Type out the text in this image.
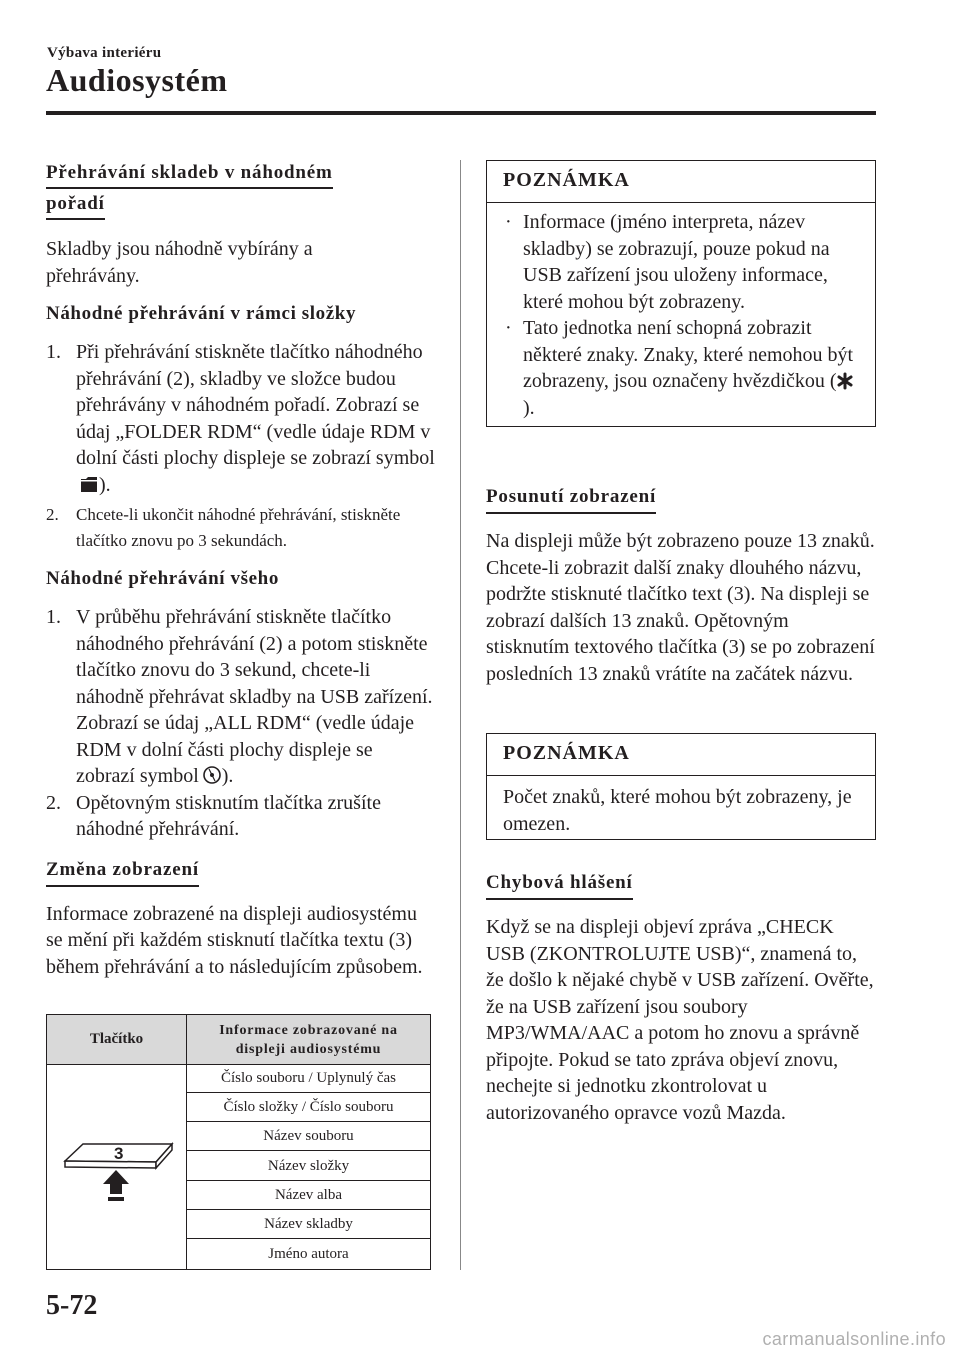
Výbava interiéru
Audiosystém
Přehrávání skladeb v náhodném
pořadí

Skladby jsou náhodně vybírány a přehrávány.

Náhodné přehrávání v rámci složky
1. Při přehrávání stiskněte tlačítko náhodného přehrávání (2), skladby ve složce budou přehrávány v náhodném pořadí. Zobrazí se údaj „FOLDER RDM“ (vedle údaje RDM v dolní části plochy displeje se zobrazí symbol).
2. Chcete-li ukončit náhodné přehrávání, stiskněte tlačítko znovu po 3 sekundách.
Náhodné přehrávání všeho
1. V průběhu přehrávání stiskněte tlačítko náhodného přehrávání (2) a potom stiskněte tlačítko znovu do 3 sekund, chcete-li náhodně přehrávat skladby na USB zařízení. Zobrazí se údaj „ALL RDM“ (vedle údaje RDM v dolní části plochy displeje se zobrazí symbol ).
2. Opětovným stisknutím tlačítka zrušíte náhodné přehrávání.
Změna zobrazení

Informace zobrazené na displeji audiosystému se mění při každém stisknutí tlačítka textu (3) během přehrávání a to následujícím způsobem.

Tlačítko
Informace zobrazované na displeji audiosystému
3
Číslo souboru / Uplynulý čas
Číslo složky / Číslo souboru
Název souboru
Název složky
Název alba
Název skladby
Jméno autora
POZNÁMKA
· Informace (jméno interpreta, název skladby) se zobrazují, pouze pokud na USB zařízení jsou uloženy informace, které mohou být zobrazeny.
· Tato jednotka není schopná zobrazit některé znaky. Znaky, které nemohou být zobrazeny, jsou označeny hvězdičkou ().
Posunutí zobrazení

Na displeji může být zobrazeno pouze 13 znaků. Chcete-li zobrazit další znaky dlouhého názvu, podržte stisknuté tlačítko text (3). Na displeji se zobrazí dalších 13 znaků. Opětovným stisknutím textového tlačítka (3) se po zobrazení posledních 13 znaků vrátíte na začátek názvu.

POZNÁMKA
Počet znaků, které mohou být zobrazeny, je omezen.
Chybová hlášení

Když se na displeji objeví zpráva „CHECK USB (ZKONTROLUJTE USB)“, znamená to, že došlo k nějaké chybě v USB zařízení. Ověřte, že na USB zařízení jsou soubory MP3/WMA/AAC a potom ho znovu a správně připojte. Pokud se tato zpráva objeví znovu, nechejte si jednotku zkontrolovat u autorizovaného opravce vozů Mazda.

5-72
carmanualsonline.info
